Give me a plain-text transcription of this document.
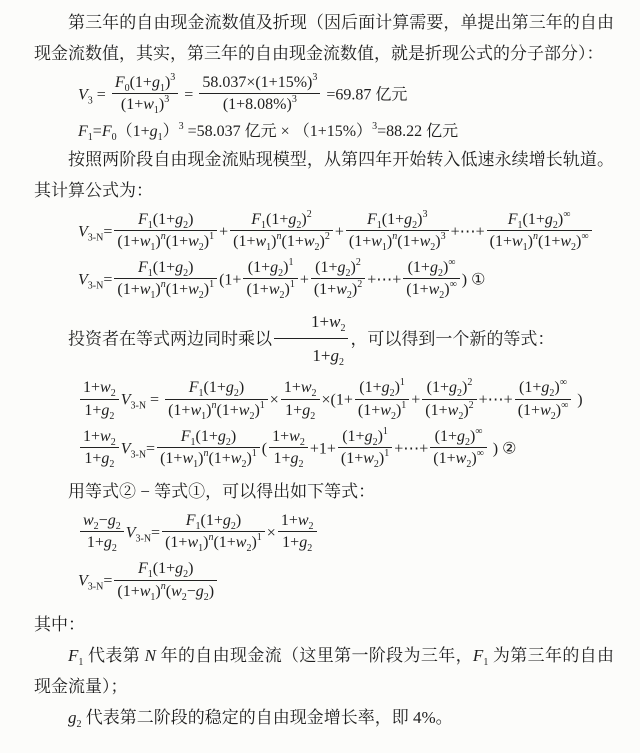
第三年的自由现金流数值及折现（因后面计算需要，单提出第三年的自由现金流数值，其实，第三年的自由现金流数值，就是折现公式的分子部分）：

$V_3 = \frac{F_0(1+g_1)^3}{(1+w_1)^3} = \frac{58.037\times(1+15\%)^3}{(1+8.08\%)^3} =69.87$ 亿元
$F_1=F_0(1+g_1)^3 =58.037$ 亿元 × $(1+15\%)^3=88.22$ 亿元

按照两阶段自由现金流贴现模型，从第四年开始转入低速永续增长轨道。其计算公式为：

$V_{3-N}= \frac{F_1(1+g_2)}{(1+w_1)^n(1+w_2)^1} + \frac{F_1(1+g_2)^2}{(1+w_1)^n(1+w_2)^2} + \frac{F_1(1+g_2)^3}{(1+w_1)^n(1+w_2)^3}$ +⋯+ $\frac{F_1(1+g_2)^\infty}{(1+w_1)^n(1+w_2)^\infty}$
$V_{3-N}= \frac{F_1(1+g_2)}{(1+w_1)^n(1+w_2)^1} (1+ \frac{(1+g_2)^1}{(1+w_2)^1} + \frac{(1+g_2)^2}{(1+w_2)^2}$ +⋯+ $\frac{(1+g_2)^\infty}{(1+w_2)^\infty}$ ) ①

投资者在等式两边同时乘以 $\frac{1+w_2}{1+g_2}$ ，可以得到一个新的等式：

$\frac{1+w_2}{1+g_2} V_{3-N} = \frac{F_1(1+g_2)}{(1+w_1)^n(1+w_2)^1} \times \frac{1+w_2}{1+g_2} \times(1+ \frac{(1+g_2)^1}{(1+w_2)^1} + \frac{(1+g_2)^2}{(1+w_2)^2}$ +⋯+ $\frac{(1+g_2)^\infty}{(1+w_2)^\infty}$ )
$\frac{1+w_2}{1+g_2} V_{3-N}= \frac{F_1(1+g_2)}{(1+w_1)^n(1+w_2)^1}$ ( $\frac{1+w_2}{1+g_2} +1+ \frac{(1+g_2)^1}{(1+w_2)^1}$ +⋯+ $\frac{(1+g_2)^\infty}{(1+w_2)^\infty}$ ) ②

用等式② − 等式①，可以得出如下等式：

$\frac{w_2-g_2}{1+g_2} V_{3-N}= \frac{F_1(1+g_2)}{(1+w_1)^n(1+w_2)^1} \times \frac{1+w_2}{1+g_2}$
$V_{3-N}= \frac{F_1(1+g_2)}{(1+w_1)^n(w_2-g_2)}$

其中：

$F_1$ 代表第 N 年的自由现金流（这里第一阶段为三年，$F_1$ 为第三年的自由现金流量）；

$g_2$ 代表第二阶段的稳定的自由现金增长率，即 4%。
